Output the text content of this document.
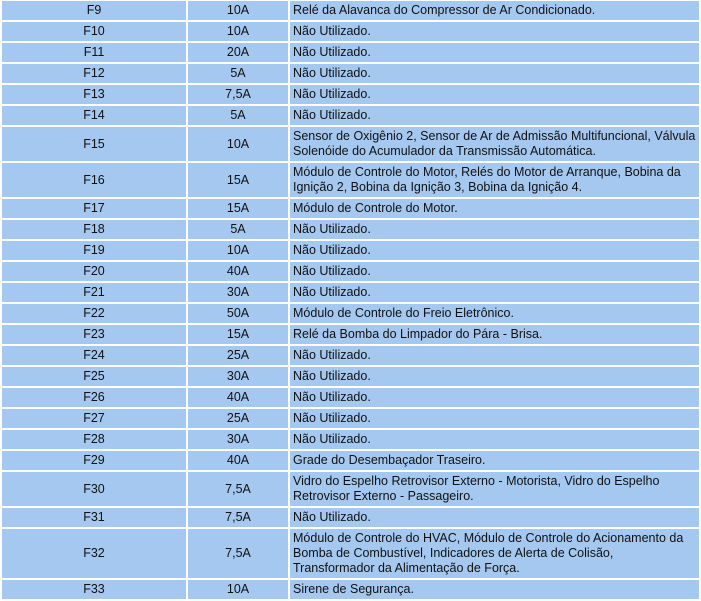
F9	10A	Relé da Alavanca do Compressor de Ar Condicionado.
F10	10A	Não Utilizado.
F11	20A	Não Utilizado.
F12	5A	Não Utilizado.
F13	7,5A	Não Utilizado.
F14	5A	Não Utilizado.
F15	10A	Sensor de Oxigênio 2, Sensor de Ar de Admissão Multifuncional, Válvula Solenóide do Acumulador da Transmissão Automática.
F16	15A	Módulo de Controle do Motor, Relés do Motor de Arranque, Bobina da Ignição 2, Bobina da Ignição 3, Bobina da Ignição 4.
F17	15A	Módulo de Controle do Motor.
F18	5A	Não Utilizado.
F19	10A	Não Utilizado.
F20	40A	Não Utilizado.
F21	30A	Não Utilizado.
F22	50A	Módulo de Controle do Freio Eletrônico.
F23	15A	Relé da Bomba do Limpador do Pára - Brisa.
F24	25A	Não Utilizado.
F25	30A	Não Utilizado.
F26	40A	Não Utilizado.
F27	25A	Não Utilizado.
F28	30A	Não Utilizado.
F29	40A	Grade do Desembaçador Traseiro.
F30	7,5A	Vidro do Espelho Retrovisor Externo - Motorista, Vidro do Espelho Retrovisor Externo - Passageiro.
F31	7,5A	Não Utilizado.
F32	7,5A	Módulo de Controle do HVAC, Módulo de Controle do Acionamento da Bomba de Combustível, Indicadores de Alerta de Colisão, Transformador da Alimentação de Força.
F33	10A	Sirene de Segurança.
